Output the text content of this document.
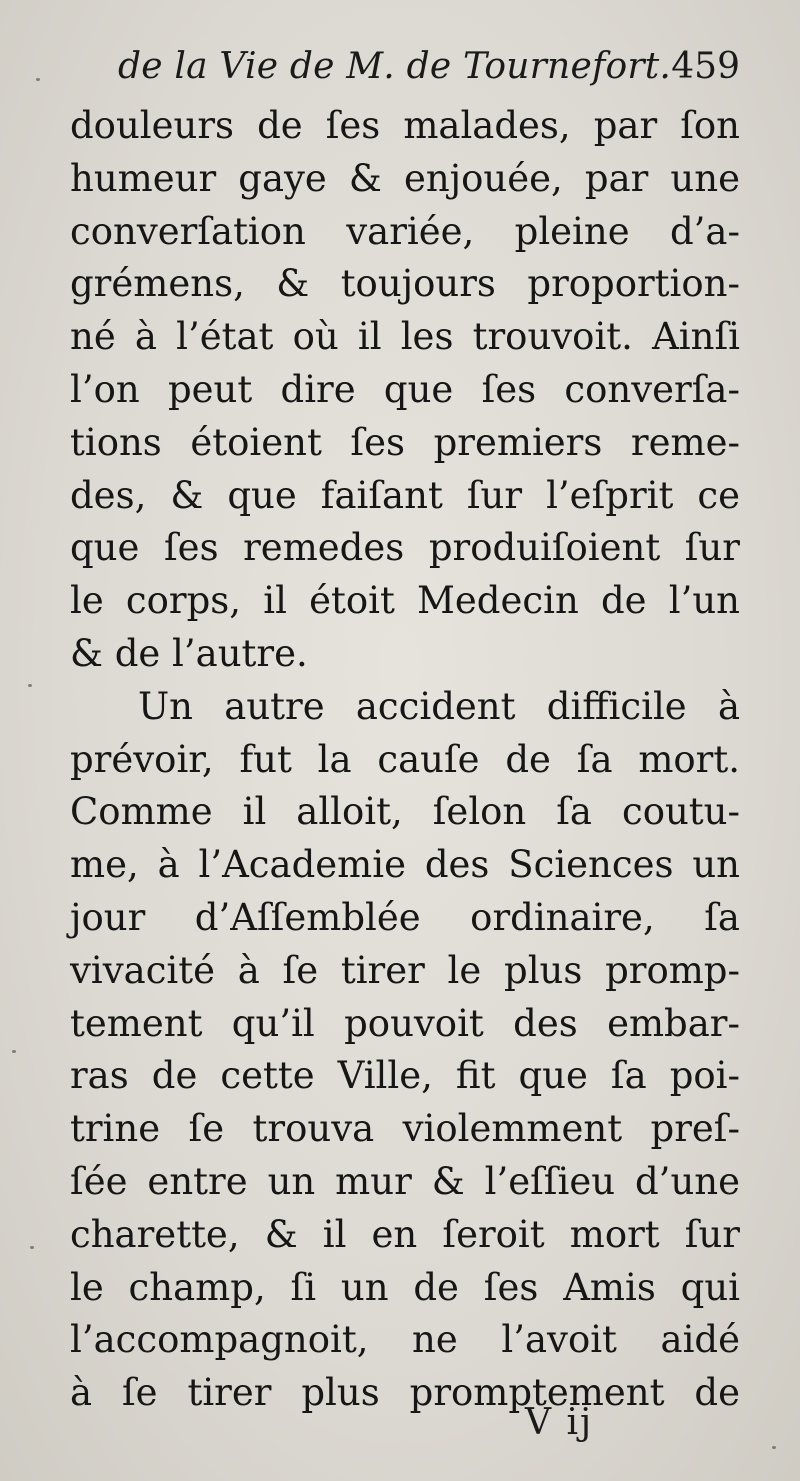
de la Vie de M. de Tournefort. 459
douleurs de ſes malades, par ſon
humeur gaye & enjouée, par une
converſation variée, pleine d’a-
grémens, & toujours proportion-
né à l’état où il les trouvoit. Ainſi
l’on peut dire que ſes converſa-
tions étoient ſes premiers reme-
des, & que faiſant ſur l’eſprit ce
que ſes remedes produiſoient ſur
le corps, il étoit Medecin de l’un
& de l’autre.
Un autre accident difficile à
prévoir, fut la cauſe de ſa mort.
Comme il alloit, ſelon ſa coutu-
me, à l’Academie des Sciences un
jour d’Aſſemblée ordinaire, ſa
vivacité à ſe tirer le plus promp-
tement qu’il pouvoit des embar-
ras de cette Ville, fit que ſa poi-
trine ſe trouva violemment preſ-
ſée entre un mur & l’eſſieu d’une
charette, & il en ſeroit mort ſur
le champ, ſi un de ſes Amis qui
l’accompagnoit, ne l’avoit aidé
à ſe tirer plus promptement de
V ij
